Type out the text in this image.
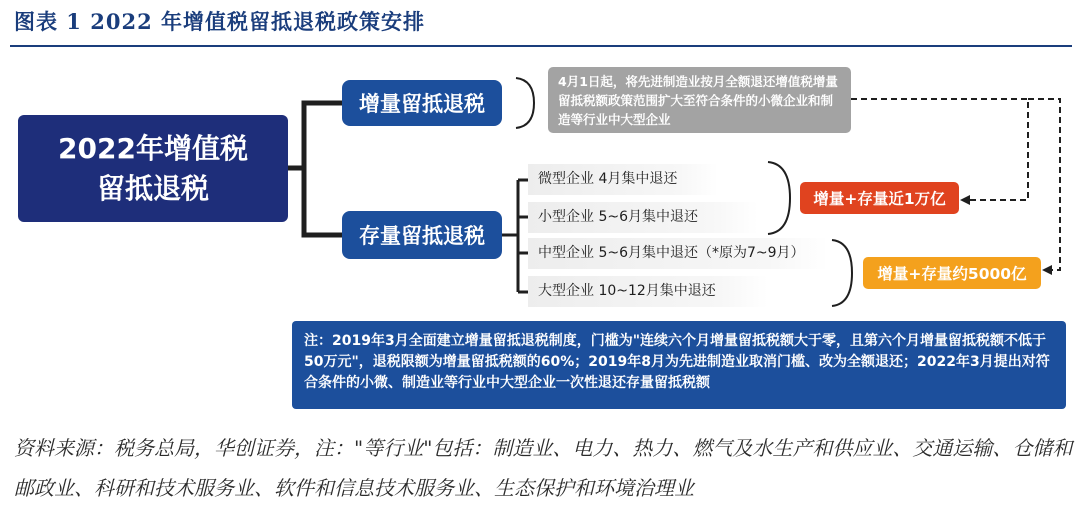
图表 1 2022 年增值税留抵退税政策安排
2022年增值税
留抵退税
增量留抵退税
存量留抵退税
4月1日起，将先进制造业按月全额退还增值税增量留抵税额政策范围扩大至符合条件的小微企业和制造等行业中大型企业
微型企业 4月集中退还
小型企业 5~6月集中退还
中型企业 5~6月集中退还（*原为7~9月）
大型企业 10~12月集中退还
增量+存量近1万亿
增量+存量约5000亿
注：2019年3月全面建立增量留抵退税制度，门槛为"连续六个月增量留抵税额大于零，且第六个月增量留抵税额不低于50万元"，退税限额为增量留抵税额的60%；2019年8月为先进制造业取消门槛、改为全额退还；2022年3月提出对符合条件的小微、制造业等行业中大型企业一次性退还存量留抵税额
资料来源：税务总局，华创证券，注："等行业"包括：制造业、电力、热力、燃气及水生产和供应业、交通运输、仓储和邮政业、科研和技术服务业、软件和信息技术服务业、生态保护和环境治理业
